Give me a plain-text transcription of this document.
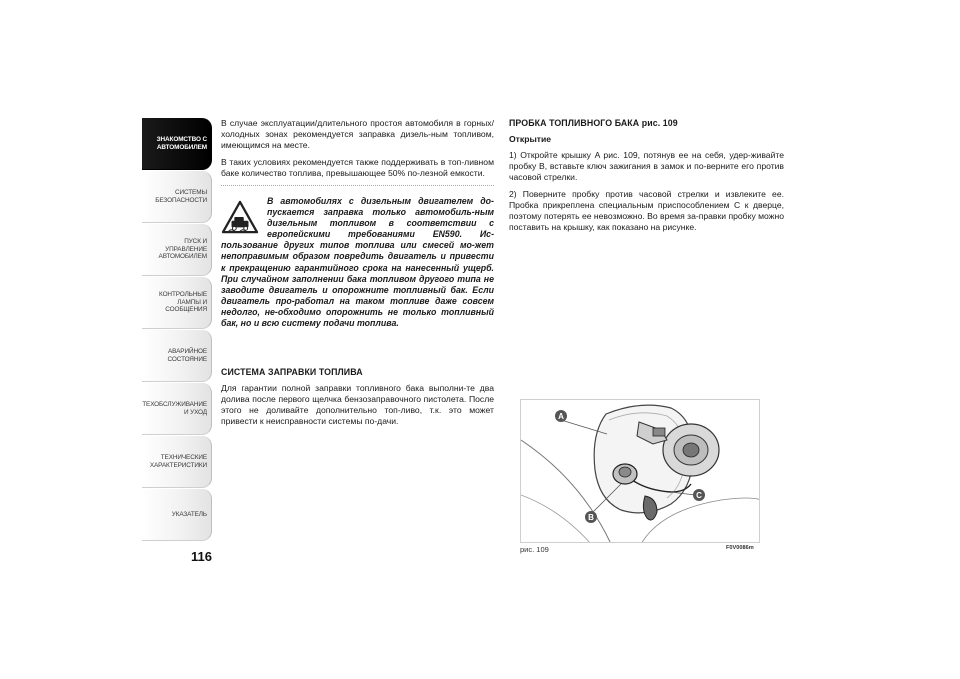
ЗНАКОМСТВО С
АВТОМОБИЛЕМ
СИСТЕМЫ
БЕЗОПАСНОСТИ
ПУСК И УПРАВЛЕНИЕ
АВТОМОБИЛЕМ
КОНТРОЛЬНЫЕ
ЛАМПЫ И
СООБЩЕНИЯ
АВАРИЙНОЕ
СОСТОЯНИЕ
ТЕХОБСЛУЖИВАНИЕ
И УХОД
ТЕХНИЧЕСКИЕ
ХАРАКТЕРИСТИКИ
УКАЗАТЕЛЬ
116

В случае эксплуатации/длительного простоя автомобиля в горных/холодных зонах рекомендуется заправка дизель-ным топливом, имеющимся на месте.

В таких условиях рекомендуется также поддерживать в топ-ливном баке количество топлива, превышающее 50% по-лезной емкости.

В автомобилях с дизельным двигателем до-пускается заправка только автомобиль-ным дизельным топливом в соответствии с европейскими требованиями EN590. Ис-пользование других типов топлива или смесей мо-жет непоправимым образом повредить двигатель и привести к прекращению гарантийного срока на нанесенный ущерб. При случайном заполнении бака топливом другого типа не заводите двигатель и опорожните топливный бак. Если двигатель про-работал на таком топливе даже совсем недолго, не-обходимо опорожнить не только топливный бак, но и всю систему подачи топлива.
СИСТЕМА ЗАПРАВКИ ТОПЛИВА

Для гарантии полной заправки топливного бака выполни-те два долива после первого щелчка бензозаправочного пистолета. После этого не доливайте дополнительно топ-ливо, т.к. это может привести к неисправности системы по-дачи.

ПРОБКА ТОПЛИВНОГО БАКА рис. 109
Открытие

1) Откройте крышку A рис. 109, потянув ее на себя, удер-живайте пробку B, вставьте ключ зажигания в замок и по-верните его против часовой стрелки.

2) Поверните пробку против часовой стрелки и извлеките ее. Пробка прикреплена специальным приспособлением C к дверце, поэтому потерять ее невозможно. Во время за-правки пробку можно поставить на крышку, как показано на рисунке.

A
B
C
рис. 109	F0V0086m
